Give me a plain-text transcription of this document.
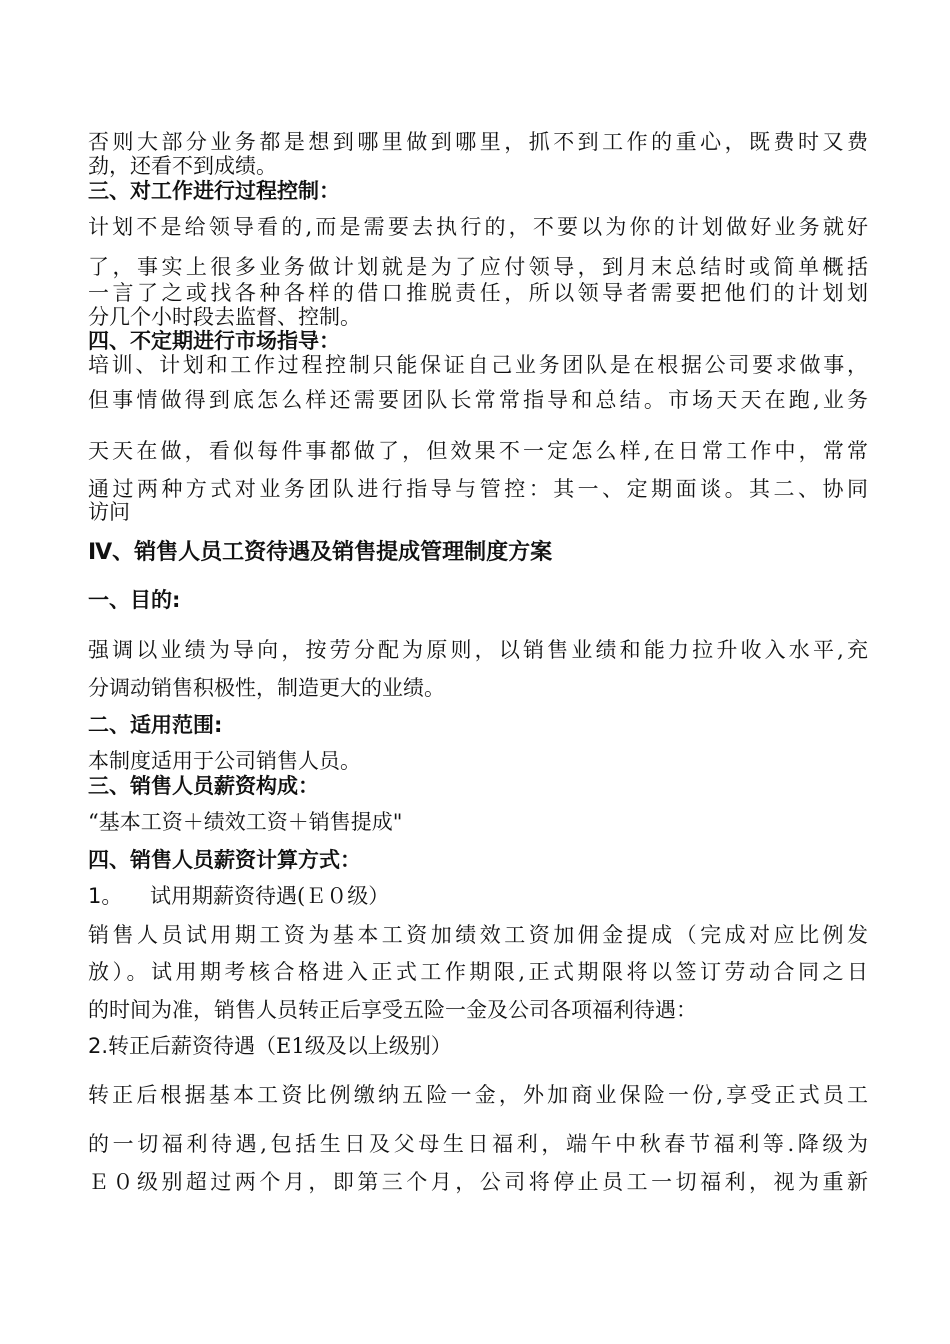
否则大部分业务都是想到哪里做到哪里，抓不到工作的重心，既费时又费
劲，还看不到成绩。
三、对工作进行过程控制：
计划不是给领导看的,而是需要去执行的，不要以为你的计划做好业务就好
了，事实上很多业务做计划就是为了应付领导，到月末总结时或简单概括
一言了之或找各种各样的借口推脱责任，所以领导者需要把他们的计划划
分几个小时段去监督、控制。
四、不定期进行市场指导：
培训、计划和工作过程控制只能保证自己业务团队是在根据公司要求做事，
但事情做得到底怎么样还需要团队长常常指导和总结。市场天天在跑,业务
天天在做，看似每件事都做了，但效果不一定怎么样,在日常工作中，常常
通过两种方式对业务团队进行指导与管控：其一、定期面谈。其二、协同
访问
Ⅳ、销售人员工资待遇及销售提成管理制度方案
一、目的:
强调以业绩为导向，按劳分配为原则，以销售业绩和能力拉升收入水平,充
分调动销售积极性，制造更大的业绩。
二、适用范围:
本制度适用于公司销售人员。
三、销售人员薪资构成：
“基本工资＋绩效工资＋销售提成"
四、销售人员薪资计算方式：
1。 试用期薪资待遇(Ｅ０级）
销售人员试用期工资为基本工资加绩效工资加佣金提成（完成对应比例发
放）。试用期考核合格进入正式工作期限,正式期限将以签订劳动合同之日
的时间为准，销售人员转正后享受五险一金及公司各项福利待遇：
2.转正后薪资待遇（E1级及以上级别）
转正后根据基本工资比例缴纳五险一金，外加商业保险一份,享受正式员工
的一切福利待遇,包括生日及父母生日福利，端午中秋春节福利等.降级为
Ｅ０级别超过两个月，即第三个月，公司将停止员工一切福利，视为重新
